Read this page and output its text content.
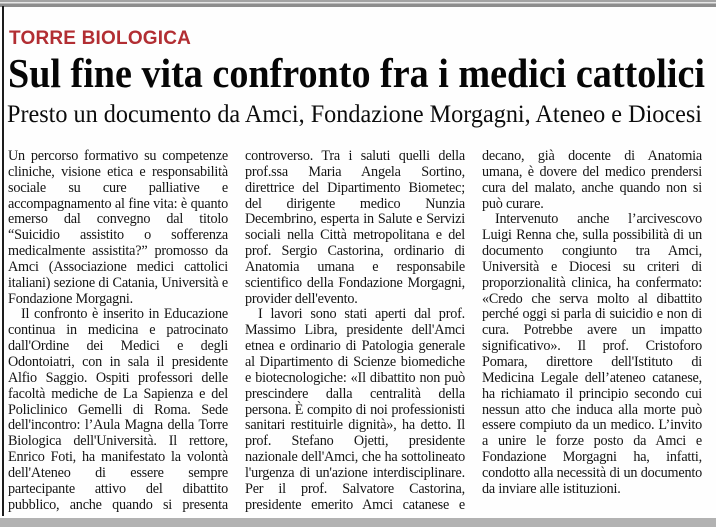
TORRE BIOLOGICA
Sul fine vita confronto fra i medici cattolici
Presto un documento da Amci, Fondazione Morgagni, Ateneo e Diocesi

Un percorso formativo su competenze cliniche, visione etica e responsabilità sociale su cure palliative e accompagnamento al fine vita: è quanto emerso dal convegno dal titolo “Suicidio assistito o sofferenza medicalmente assistita?” promosso da Amci (Associazione medici cattolici italiani) sezione di Catania, Università e Fondazione Morgagni.

Il confronto è inserito in Educazione continua in medicina e patrocinato dall'Ordine dei Medici e degli Odontoiatri, con in sala il presidente Alfio Saggio. Ospiti professori delle facoltà mediche de La Sapienza e del Policlinico Gemelli di Roma. Sede dell'incontro: l’Aula Magna della Torre Biologica dell'Università. Il rettore, Enrico Foti, ha manifestato la volontà dell'Ateneo di essere sempre partecipante attivo del dibattito pubblico, anche quando si presenta controverso. Tra i saluti quelli della prof.ssa Maria Angela Sortino, direttrice del Dipartimento Biometec; del dirigente medico Nunzia Decembrino, esperta in Salute e Servizi sociali nella Città metropolitana e del prof. Sergio Castorina, ordinario di Anatomia umana e responsabile scientifico della Fondazione Morgagni, provider dell'evento.

I lavori sono stati aperti dal prof. Massimo Libra, presidente dell'Amci etnea e ordinario di Patologia generale al Dipartimento di Scienze biomediche e biotecnologiche: «Il dibattito non può prescindere dalla centralità della persona. È compito di noi professionisti sanitari restituirle dignità», ha detto. Il prof. Stefano Ojetti, presidente nazionale dell'Amci, che ha sottolineato l'urgenza di un'azione interdisciplinare. Per il prof. Salvatore Castorina, presidente emerito Amci catanese e decano, già docente di Anatomia umana, è dovere del medico prendersi cura del malato, anche quando non si può curare.

Intervenuto anche l’arcivescovo Luigi Renna che, sulla possibilità di un documento congiunto tra Amci, Università e Diocesi su criteri di proporzionalità clinica, ha confermato: «Credo che serva molto al dibattito perché oggi si parla di suicidio e non di cura. Potrebbe avere un impatto significativo». Il prof. Cristoforo Pomara, direttore dell'Istituto di Medicina Legale dell’ateneo catanese, ha richiamato il principio secondo cui nessun atto che induca alla morte può essere compiuto da un medico. L’invito a unire le forze posto da Amci e Fondazione Morgagni ha, infatti, condotto alla necessità di un documento da inviare alle istituzioni.
